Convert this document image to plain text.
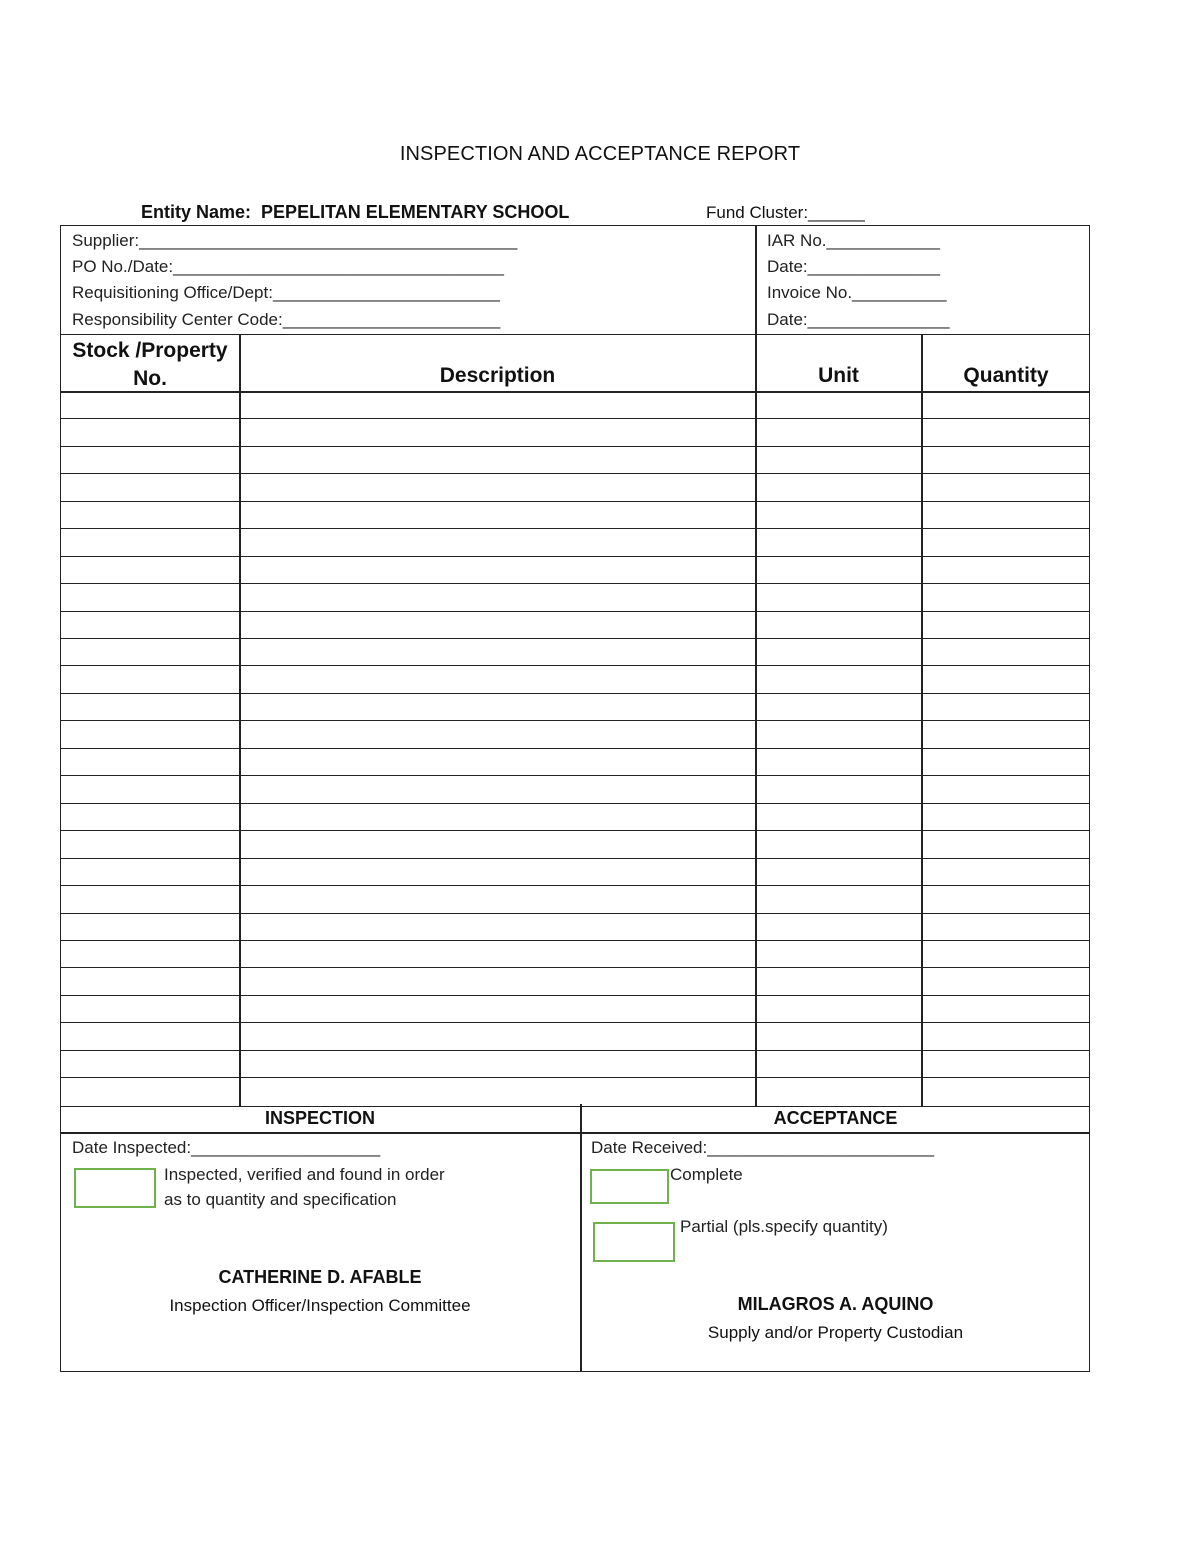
INSPECTION AND ACCEPTANCE REPORT
Entity Name: PEPELITAN ELEMENTARY SCHOOL	Fund Cluster:______
Supplier:________________________________________
PO No./Date:___________________________________
Requisitioning Office/Dept:________________________
Responsibility Center Code:_______________________
IAR No.____________
Date:______________
Invoice No.__________
Date:_______________
Stock /Property
No.	Description	Unit	Quantity
INSPECTION	ACCEPTANCE
Date Inspected:____________________
Inspected, verified and found in order
as to quantity and specification
CATHERINE D. AFABLE
Inspection Officer/Inspection Committee
Date Received:________________________
Complete
Partial (pls.specify quantity)
MILAGROS A. AQUINO
Supply and/or Property Custodian
